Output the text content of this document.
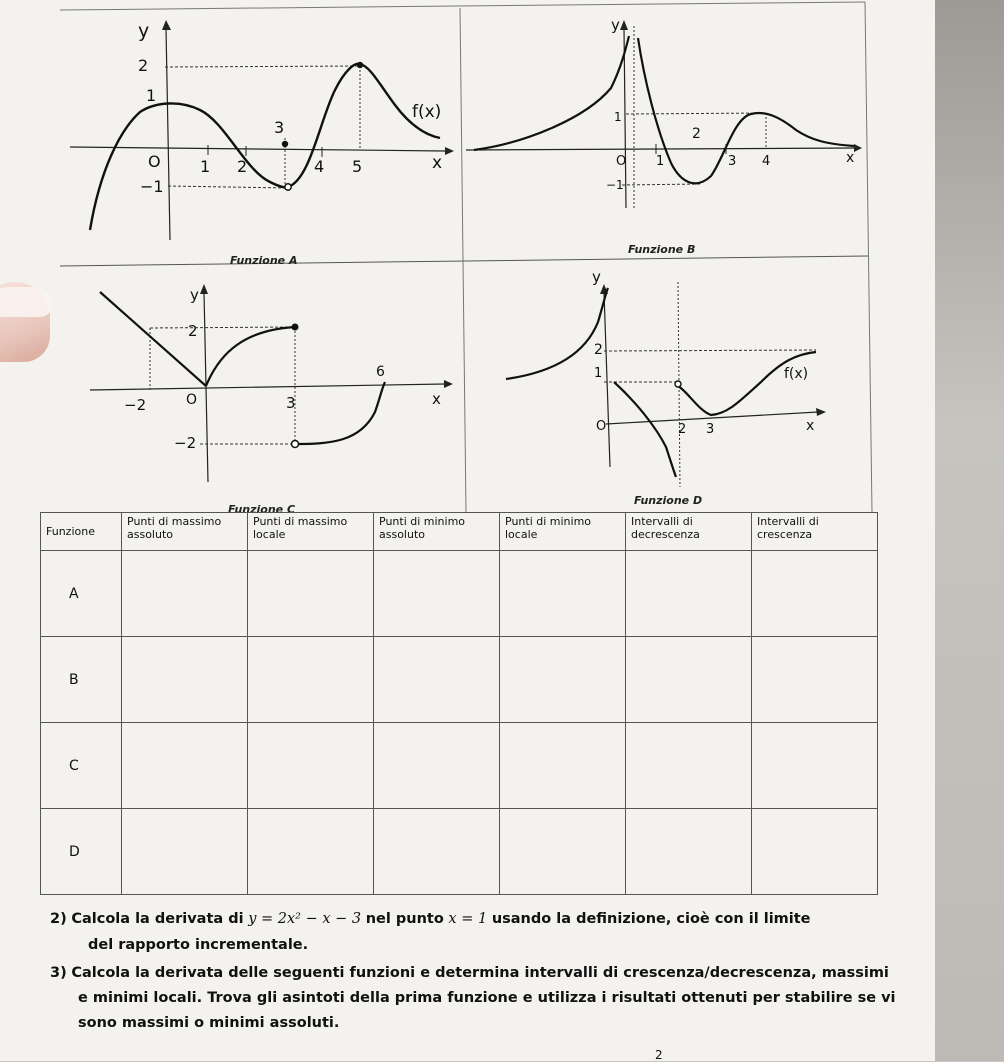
y
2
1
3
O 1 2	4 5	x
−1
f(x)
Funzione A
y
1
2
O 1	3 4	x
−1
Funzione B
y
2
6
−2	O	3	x
−2
Funzione C
y
2
1
O	2 3	x
f(x)
Funzione D
Funzione	Punti di massimo assoluto	Punti di massimo locale	Punti di minimo assoluto	Punti di minimo locale	Intervalli di decrescenza	Intervalli di crescenza
A						
B						
C						
D						
2) Calcola la derivata di y = 2x² − x − 3 nel punto x = 1 usando la definizione, cioè con il limite
del rapporto incrementale.
3) Calcola la derivata delle seguenti funzioni e determina intervalli di crescenza/decrescenza, massimi
e minimi locali. Trova gli asintoti della prima funzione e utilizza i risultati ottenuti per stabilire se vi
sono massimi o minimi assoluti.
2
